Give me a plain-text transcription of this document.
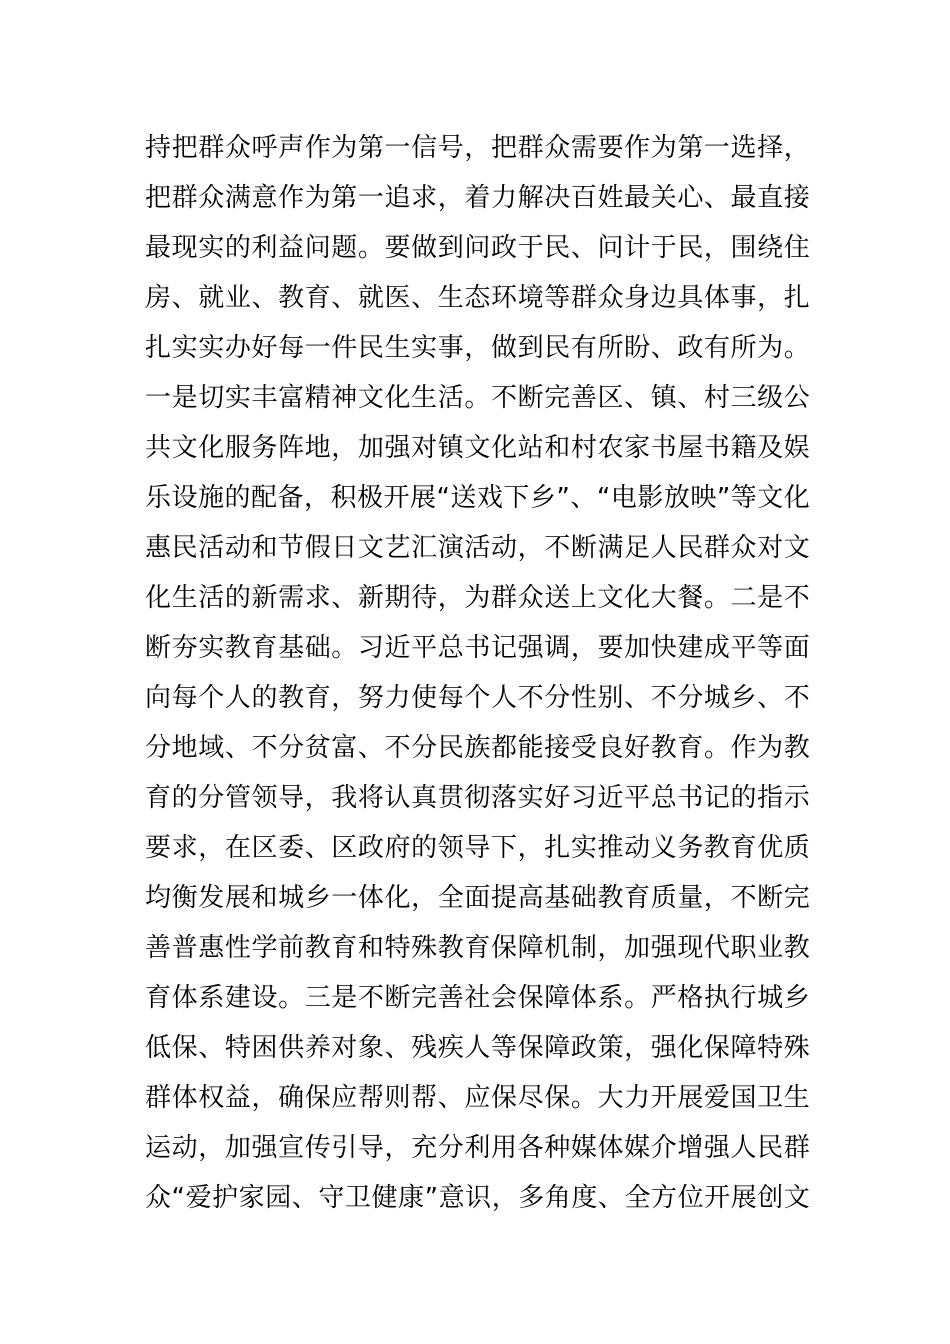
持把群众呼声作为第一信号，把群众需要作为第一选择，
把群众满意作为第一追求，着力解决百姓最关心、最直接
最现实的利益问题。要做到问政于民、问计于民，围绕住
房、就业、教育、就医、生态环境等群众身边具体事，扎
扎实实办好每一件民生实事，做到民有所盼、政有所为。
一是切实丰富精神文化生活。不断完善区、镇、村三级公
共文化服务阵地，加强对镇文化站和村农家书屋书籍及娱
乐设施的配备，积极开展“送戏下乡”、“电影放映”等文化
惠民活动和节假日文艺汇演活动，不断满足人民群众对文
化生活的新需求、新期待，为群众送上文化大餐。二是不
断夯实教育基础。习近平总书记强调，要加快建成平等面
向每个人的教育，努力使每个人不分性别、不分城乡、不
分地域、不分贫富、不分民族都能接受良好教育。作为教
育的分管领导，我将认真贯彻落实好习近平总书记的指示
要求，在区委、区政府的领导下，扎实推动义务教育优质
均衡发展和城乡一体化，全面提高基础教育质量，不断完
善普惠性学前教育和特殊教育保障机制，加强现代职业教
育体系建设。三是不断完善社会保障体系。严格执行城乡
低保、特困供养对象、残疾人等保障政策，强化保障特殊
群体权益，确保应帮则帮、应保尽保。大力开展爱国卫生
运动，加强宣传引导，充分利用各种媒体媒介增强人民群
众“爱护家园、守卫健康”意识，多角度、全方位开展创文
